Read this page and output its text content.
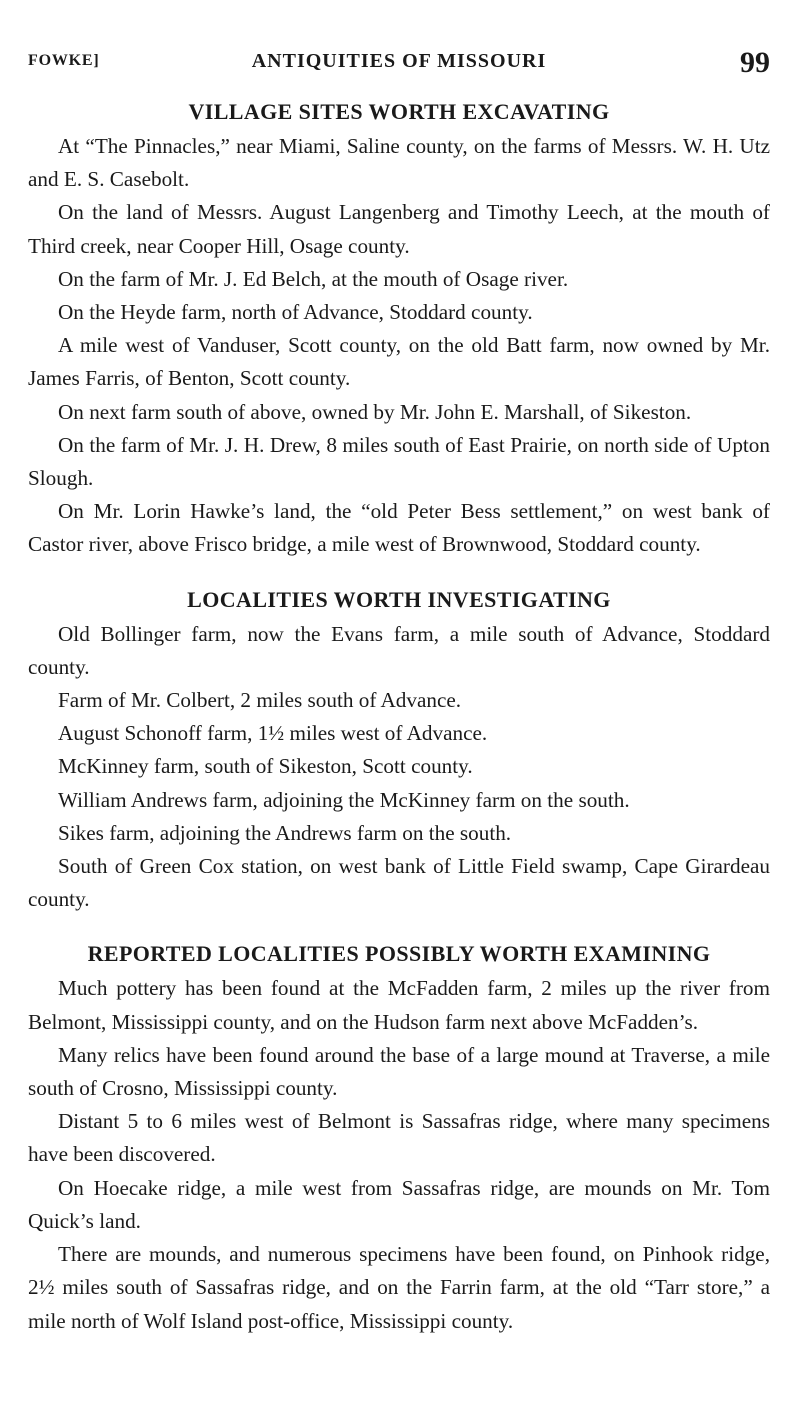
FOWKE]	ANTIQUITIES OF MISSOURI	99
VILLAGE SITES WORTH EXCAVATING

At “The Pinnacles,” near Miami, Saline county, on the farms of Messrs. W. H. Utz and E. S. Casebolt.

On the land of Messrs. August Langenberg and Timothy Leech, at the mouth of Third creek, near Cooper Hill, Osage county.

On the farm of Mr. J. Ed Belch, at the mouth of Osage river.

On the Heyde farm, north of Advance, Stoddard county.

A mile west of Vanduser, Scott county, on the old Batt farm, now owned by Mr. James Farris, of Benton, Scott county.

On next farm south of above, owned by Mr. John E. Marshall, of Sikeston.

On the farm of Mr. J. H. Drew, 8 miles south of East Prairie, on north side of Upton Slough.

On Mr. Lorin Hawke’s land, the “old Peter Bess settlement,” on west bank of Castor river, above Frisco bridge, a mile west of Brownwood, Stoddard county.

LOCALITIES WORTH INVESTIGATING

Old Bollinger farm, now the Evans farm, a mile south of Advance, Stoddard county.

Farm of Mr. Colbert, 2 miles south of Advance.

August Schonoff farm, 1½ miles west of Advance.

McKinney farm, south of Sikeston, Scott county.

William Andrews farm, adjoining the McKinney farm on the south.

Sikes farm, adjoining the Andrews farm on the south.

South of Green Cox station, on west bank of Little Field swamp, Cape Girardeau county.

REPORTED LOCALITIES POSSIBLY WORTH EXAMINING

Much pottery has been found at the McFadden farm, 2 miles up the river from Belmont, Mississippi county, and on the Hudson farm next above McFadden’s.

Many relics have been found around the base of a large mound at Traverse, a mile south of Crosno, Mississippi county.

Distant 5 to 6 miles west of Belmont is Sassafras ridge, where many specimens have been discovered.

On Hoecake ridge, a mile west from Sassafras ridge, are mounds on Mr. Tom Quick’s land.

There are mounds, and numerous specimens have been found, on Pinhook ridge, 2½ miles south of Sassafras ridge, and on the Farrin farm, at the old “Tarr store,” a mile north of Wolf Island post-office, Mississippi county.
